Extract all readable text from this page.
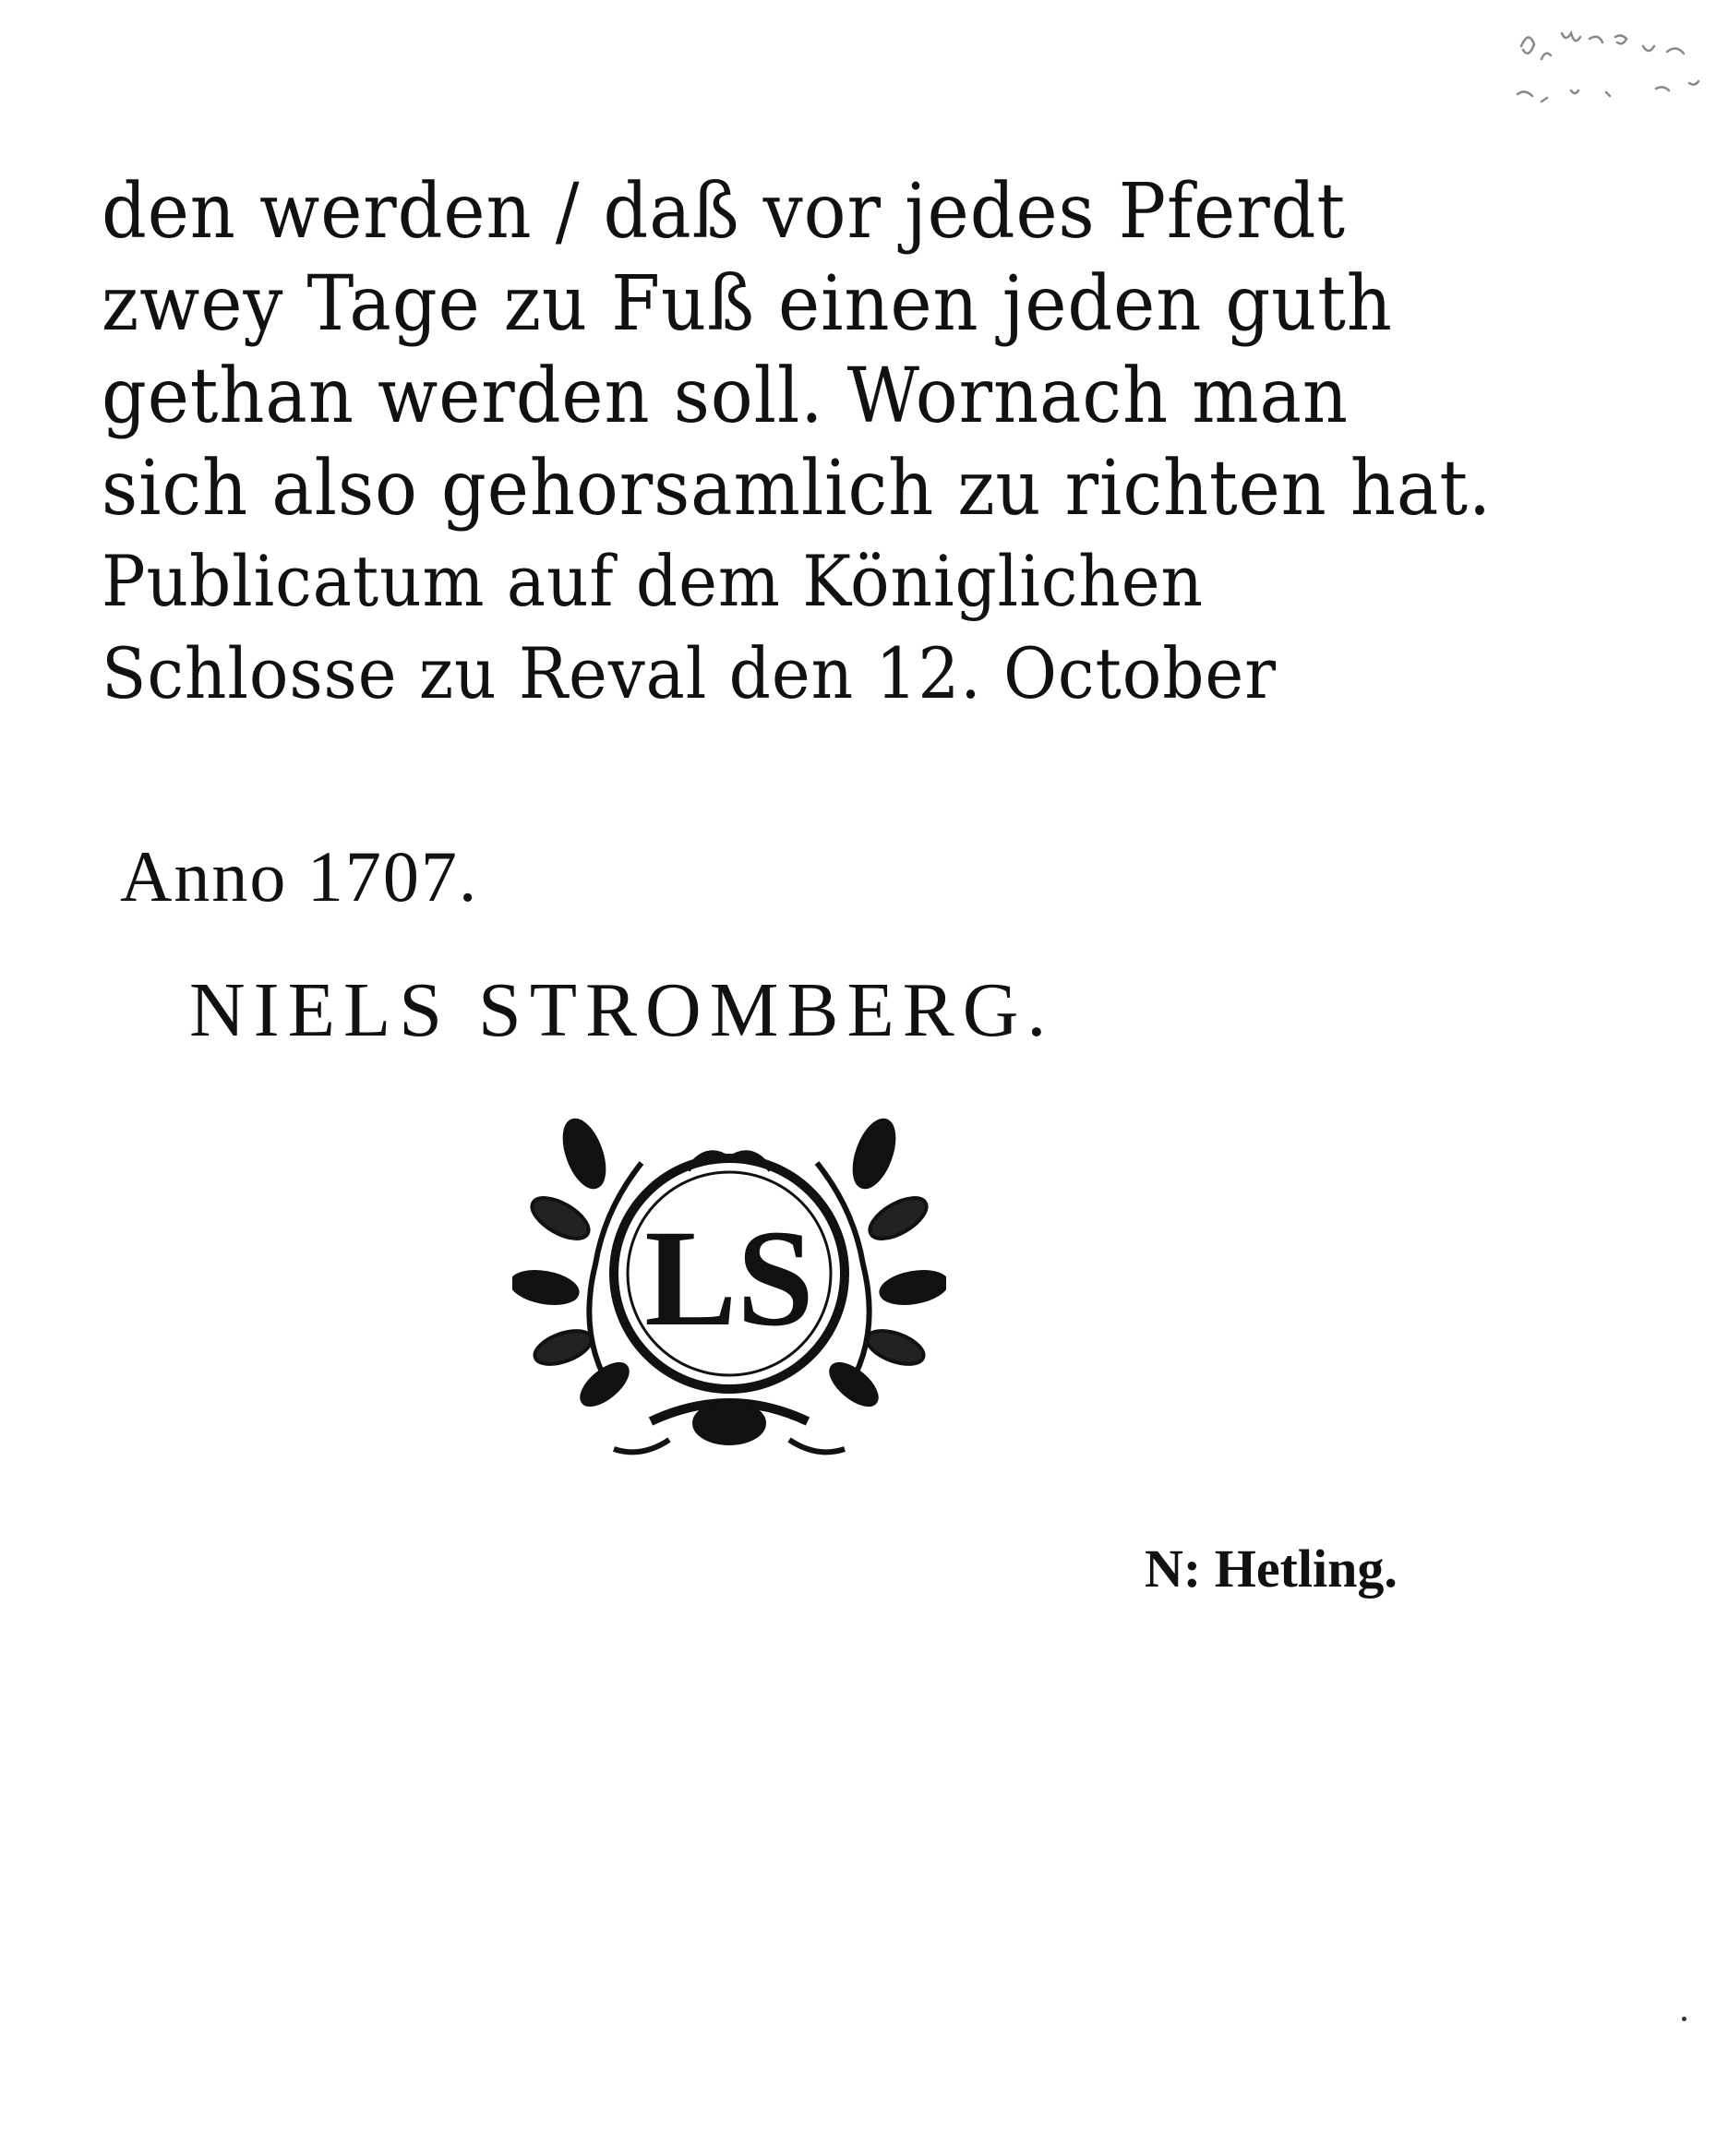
den werden / daß vor jedes Pferdt
zwey Tage zu Fuß einen jeden guth
gethan werden soll. Wornach man
sich also gehorsamlich zu richten hat.
Publicatum auf dem Königlichen
Schlosse zu Reval den 12. October
Anno 1707.
NIELS STROMBERG.
LS
N: Hetling.
